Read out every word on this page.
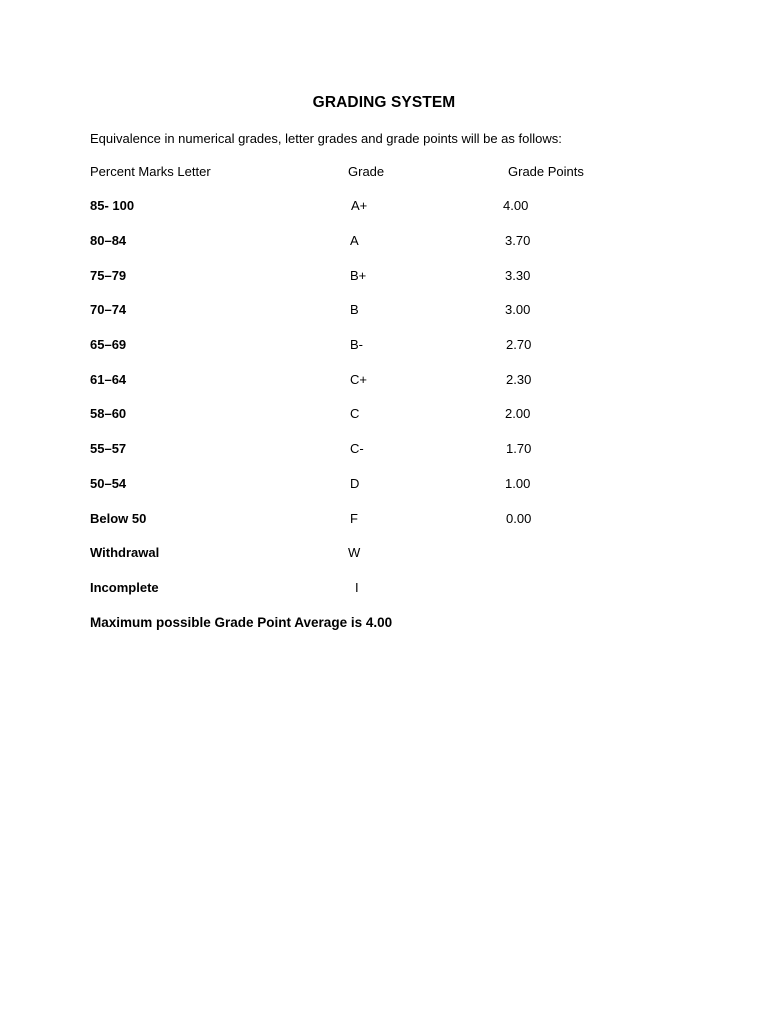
GRADING SYSTEM
Equivalence in numerical grades, letter grades and grade points will be as follows:
Percent Marks Letter	Grade	Grade Points
85- 100	A+	4.00
80–84	A	3.70
75–79	B+	3.30
70–74	B	3.00
65–69	B-	2.70
61–64	C+	2.30
58–60	C	2.00
55–57	C-	1.70
50–54	D	1.00
Below 50	F	0.00
Withdrawal	W
Incomplete	I
Maximum possible Grade Point Average is 4.00
